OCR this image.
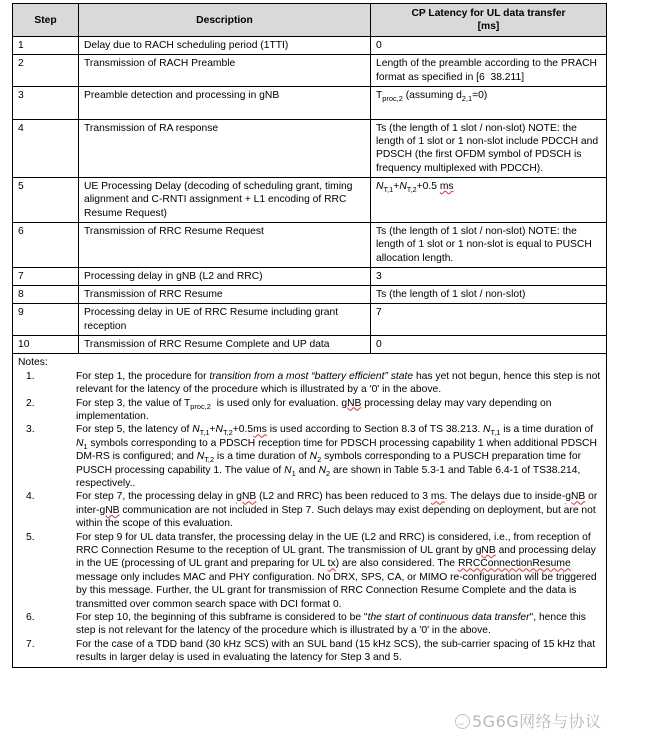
Step	Description	CP Latency for UL data transfer
[ms]
1	Delay due to RACH scheduling period (1TTI)	0
2	Transmission of RACH Preamble	Length of the preamble according to the PRACH format as specified in [6  38.211]
3	Preamble detection and processing in gNB	$T_{proc,2}$ (assuming $d_{2,1}=0$)
4	Transmission of RA response	Ts (the length of 1 slot / non-slot) NOTE: the length of 1 slot or 1 non-slot include PDCCH and PDSCH (the first OFDM symbol of PDSCH is frequency multiplexed with PDCCH).
5	UE Processing Delay (decoding of scheduling grant, timing alignment and C-RNTI assignment + L1 encoding of RRC Resume Request)	$N_{T,1}+N_{T,2}+0.5$ ms
6	Transmission of RRC Resume Request	Ts (the length of 1 slot / non-slot) NOTE: the length of 1 slot or 1 non-slot is equal to PUSCH allocation length.
7	Processing delay in gNB (L2 and RRC)	3
8	Transmission of RRC Resume	Ts (the length of 1 slot / non-slot)
9	Processing delay in UE of RRC Resume including grant reception	7
10	Transmission of RRC Resume Complete and UP data	0

Notes:
1.	For step 1, the procedure for transition from a most “battery efficient” state has yet not begun, hence this step is not relevant for the latency of the procedure which is illustrated by a '0' in the above.
2.	For step 3, the value of $T_{proc,2}$  is used only for evaluation. gNB processing delay may vary depending on implementation.
3.	For step 5, the latency of $N_{T,1}+N_{T,2}+0.5ms$ is used according to Section 8.3 of TS 38.213. $N_{T,1}$ is a time duration of $N_1$ symbols corresponding to a PDSCH reception time for PDSCH processing capability 1 when additional PDSCH DM-RS is configured; and $N_{T,2}$ is a time duration of $N_2$ symbols corresponding to a PUSCH preparation time for PUSCH processing capability 1. The value of $N_1$ and $N_2$ are shown in Table 5.3-1 and Table 6.4-1 of TS38.214, respectively..
4.	For step 7, the processing delay in gNB (L2 and RRC) has been reduced to 3 ms. The delays due to inside-gNB or inter-gNB communication are not included in Step 7. Such delays may exist depending on deployment, but are not within the scope of this evaluation.
5.	For step 9 for UL data transfer, the processing delay in the UE (L2 and RRC) is considered, i.e., from reception of RRC Connection Resume to the reception of UL grant. The transmission of UL grant by gNB and processing delay in the UE (processing of UL grant and preparing for UL tx) are also considered. The RRCConnectionResume message only includes MAC and PHY configuration. No DRX, SPS, CA, or MIMO re-configuration will be triggered by this message. Further, the UL grant for transmission of RRC Connection Resume Complete and the data is transmitted over common search space with DCI format 0.
6.	For step 10, the beginning of this subframe is considered to be "the start of continuous data transfer", hence this step is not relevant for the latency of the procedure which is illustrated by a '0' in the above.
7.	For the case of a TDD band (30 kHz SCS) with an SUL band (15 kHz SCS), the sub-carrier spacing of 15 kHz that results in larger delay is used in evaluating the latency for Step 3 and 5.
5G6G网络与协议
